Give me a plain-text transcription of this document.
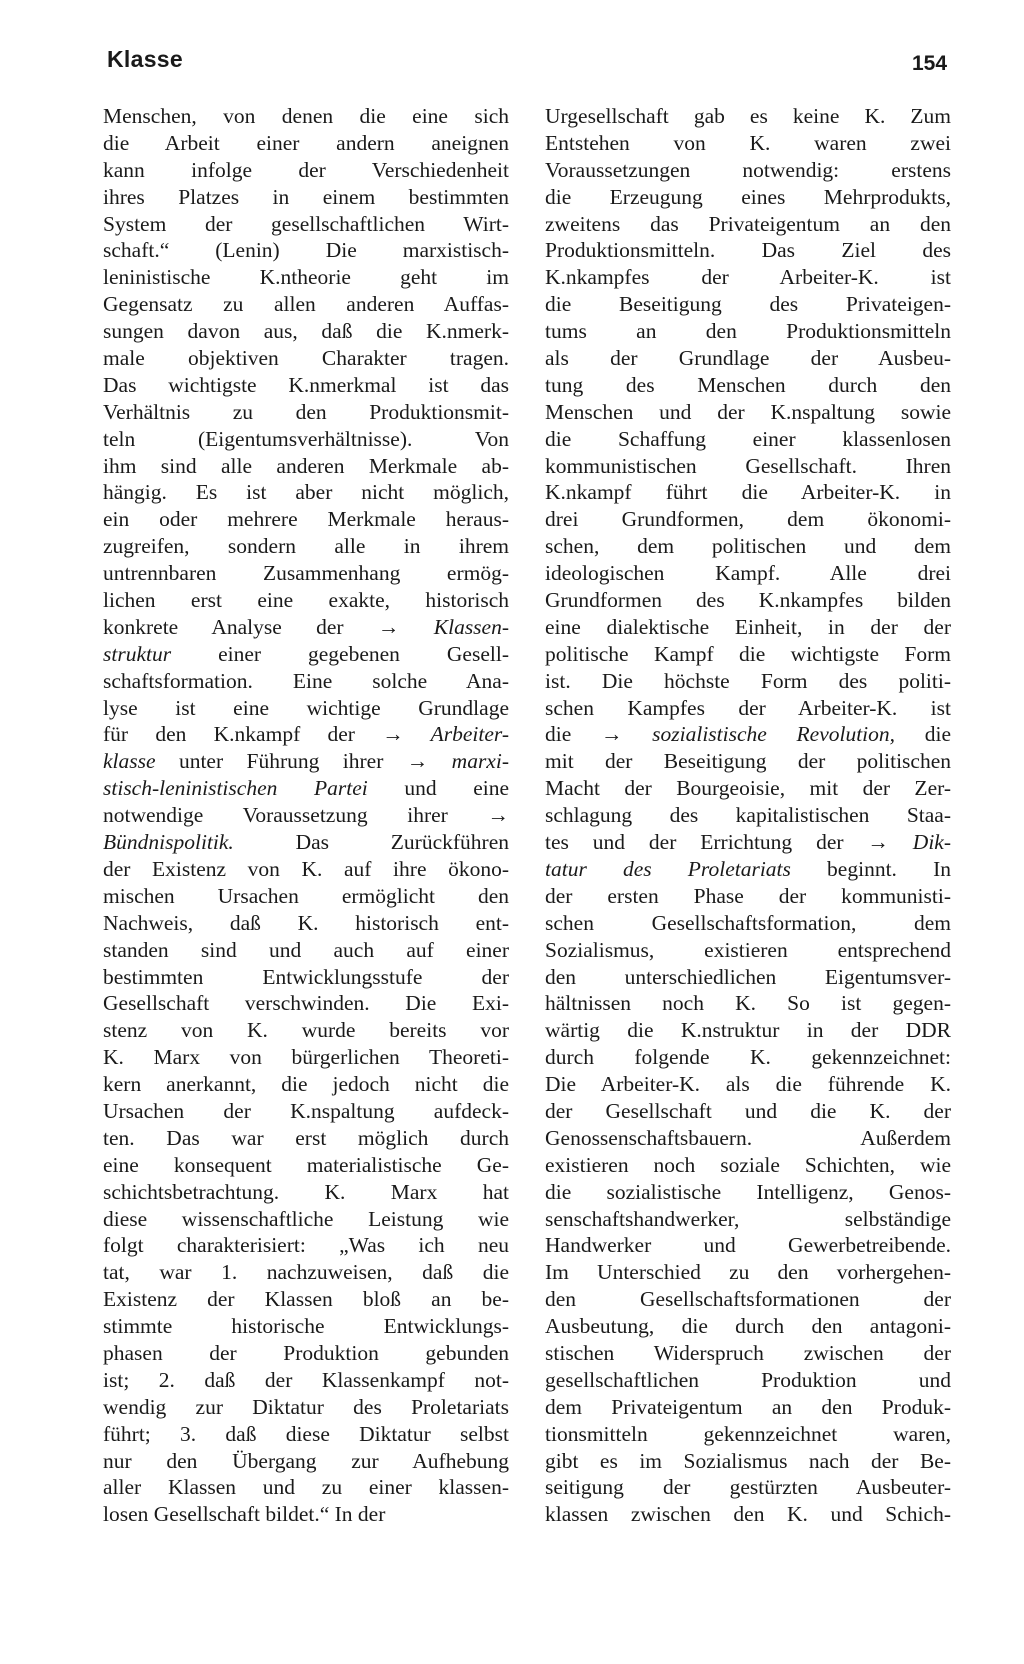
Klasse	154
Menschen, von denen die eine sich
die Arbeit einer andern aneignen
kann infolge der Verschiedenheit
ihres Platzes in einem bestimmten
System der gesellschaftlichen Wirt-
schaft.“ (Lenin) Die marxistisch-
leninistische K.ntheorie geht im
Gegensatz zu allen anderen Auffas-
sungen davon aus, daß die K.nmerk-
male objektiven Charakter tragen.
Das wichtigste K.nmerkmal ist das
Verhältnis zu den Produktionsmit-
teln (Eigentumsverhältnisse). Von
ihm sind alle anderen Merkmale ab-
hängig. Es ist aber nicht möglich,
ein oder mehrere Merkmale heraus-
zugreifen, sondern alle in ihrem
untrennbaren Zusammenhang ermög-
lichen erst eine exakte, historisch
konkrete Analyse der → Klassen-
struktur einer gegebenen Gesell-
schaftsformation. Eine solche Ana-
lyse ist eine wichtige Grundlage
für den K.nkampf der → Arbeiter-
klasse unter Führung ihrer → marxi-
stisch-leninistischen Partei und eine
notwendige Voraussetzung ihrer →
Bündnispolitik. Das Zurückführen
der Existenz von K. auf ihre ökono-
mischen Ursachen ermöglicht den
Nachweis, daß K. historisch ent-
standen sind und auch auf einer
bestimmten Entwicklungsstufe der
Gesellschaft verschwinden. Die Exi-
stenz von K. wurde bereits vor
K. Marx von bürgerlichen Theoreti-
kern anerkannt, die jedoch nicht die
Ursachen der K.nspaltung aufdeck-
ten. Das war erst möglich durch
eine konsequent materialistische Ge-
schichtsbetrachtung. K. Marx hat
diese wissenschaftliche Leistung wie
folgt charakterisiert: „Was ich neu
tat, war 1. nachzuweisen, daß die
Existenz der Klassen bloß an be-
stimmte historische Entwicklungs-
phasen der Produktion gebunden
ist; 2. daß der Klassenkampf not-
wendig zur Diktatur des Proletariats
führt; 3. daß diese Diktatur selbst
nur den Übergang zur Aufhebung
aller Klassen und zu einer klassen-
losen Gesellschaft bildet.“ In der
Urgesellschaft gab es keine K. Zum
Entstehen von K. waren zwei
Voraussetzungen notwendig: erstens
die Erzeugung eines Mehrprodukts,
zweitens das Privateigentum an den
Produktionsmitteln. Das Ziel des
K.nkampfes der Arbeiter-K. ist
die Beseitigung des Privateigen-
tums an den Produktionsmitteln
als der Grundlage der Ausbeu-
tung des Menschen durch den
Menschen und der K.nspaltung sowie
die Schaffung einer klassenlosen
kommunistischen Gesellschaft. Ihren
K.nkampf führt die Arbeiter-K. in
drei Grundformen, dem ökonomi-
schen, dem politischen und dem
ideologischen Kampf. Alle drei
Grundformen des K.nkampfes bilden
eine dialektische Einheit, in der der
politische Kampf die wichtigste Form
ist. Die höchste Form des politi-
schen Kampfes der Arbeiter-K. ist
die → sozialistische Revolution, die
mit der Beseitigung der politischen
Macht der Bourgeoisie, mit der Zer-
schlagung des kapitalistischen Staa-
tes und der Errichtung der → Dik-
tatur des Proletariats beginnt. In
der ersten Phase der kommunisti-
schen Gesellschaftsformation, dem
Sozialismus, existieren entsprechend
den unterschiedlichen Eigentumsver-
hältnissen noch K. So ist gegen-
wärtig die K.nstruktur in der DDR
durch folgende K. gekennzeichnet:
Die Arbeiter-K. als die führende K.
der Gesellschaft und die K. der
Genossenschaftsbauern. Außerdem
existieren noch soziale Schichten, wie
die sozialistische Intelligenz, Genos-
senschaftshandwerker, selbständige
Handwerker und Gewerbetreibende.
Im Unterschied zu den vorhergehen-
den Gesellschaftsformationen der
Ausbeutung, die durch den antagoni-
stischen Widerspruch zwischen der
gesellschaftlichen Produktion und
dem Privateigentum an den Produk-
tionsmitteln gekennzeichnet waren,
gibt es im Sozialismus nach der Be-
seitigung der gestürzten Ausbeuter-
klassen zwischen den K. und Schich-
